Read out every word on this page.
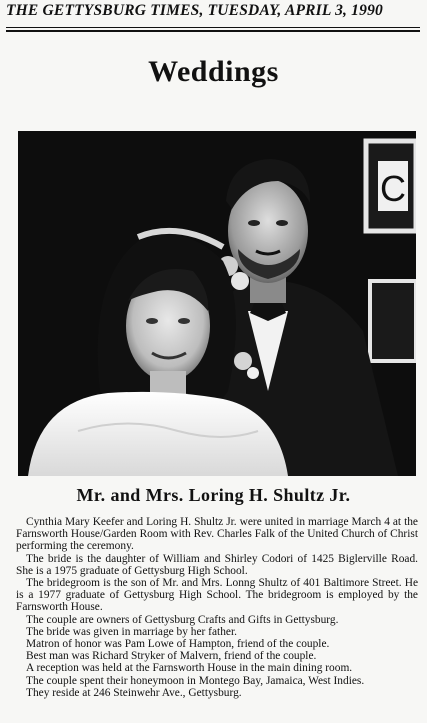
THE GETTYSBURG TIMES, TUESDAY, APRIL 3, 1990
Weddings
C
Mr. and Mrs. Loring H. Shultz Jr.

Cynthia Mary Keefer and Loring H. Shultz Jr. were united in marriage March 4 at the Farnsworth House/Garden Room with Rev. Charles Falk of the United Church of Christ performing the ceremony.

The bride is the daughter of William and Shirley Codori of 1425 Biglerville Road. She is a 1975 graduate of Gettysburg High School.

The bridegroom is the son of Mr. and Mrs. Lonng Shultz of 401 Baltimore Street. He is a 1977 graduate of Gettysburg High School. The bridegroom is employed by the Farnsworth House.

The couple are owners of Gettysburg Crafts and Gifts in Gettysburg.

The bride was given in marriage by her father.

Matron of honor was Pam Lowe of Hampton, friend of the couple.

Best man was Richard Stryker of Malvern, friend of the couple.

A reception was held at the Farnsworth House in the main dining room.

The couple spent their honeymoon in Montego Bay, Jamaica, West Indies.

They reside at 246 Steinwehr Ave., Gettysburg.
